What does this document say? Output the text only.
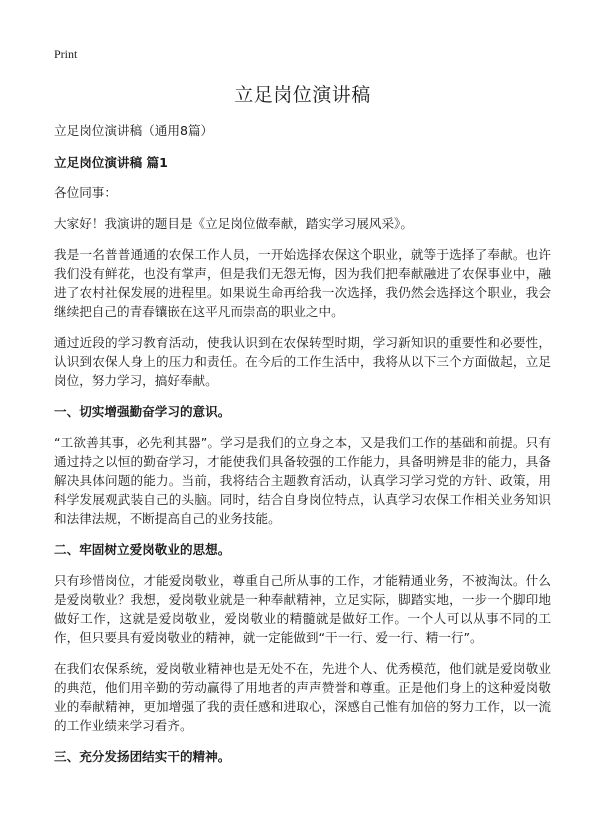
Print
立足岗位演讲稿

立足岗位演讲稿（通用8篇）

立足岗位演讲稿 篇1

各位同事：

大家好！我演讲的题目是《立足岗位做奉献，踏实学习展风采》。

我是一名普普通通的农保工作人员，一开始选择农保这个职业，就等于选择了奉献。也许我们没有鲜花，也没有掌声，但是我们无怨无悔，因为我们把奉献融进了农保事业中，融进了农村社保发展的进程里。如果说生命再给我一次选择，我仍然会选择这个职业，我会继续把自己的青春镶嵌在这平凡而崇高的职业之中。

通过近段的学习教育活动，使我认识到在农保转型时期，学习新知识的重要性和必要性，认识到农保人身上的压力和责任。在今后的工作生活中，我将从以下三个方面做起，立足岗位，努力学习，搞好奉献。

一、切实增强勤奋学习的意识。

“工欲善其事，必先利其器”。学习是我们的立身之本，又是我们工作的基础和前提。只有通过持之以恒的勤奋学习，才能使我们具备较强的工作能力，具备明辨是非的能力，具备解决具体问题的能力。当前，我将结合主题教育活动，认真学习学习党的方针、政策，用科学发展观武装自己的头脑。同时，结合自身岗位特点，认真学习农保工作相关业务知识和法律法规，不断提高自己的业务技能。

二、牢固树立爱岗敬业的思想。

只有珍惜岗位，才能爱岗敬业，尊重自己所从事的工作，才能精通业务，不被淘汰。什么是爱岗敬业？我想，爱岗敬业就是一种奉献精神，立足实际，脚踏实地，一步一个脚印地做好工作，这就是爱岗敬业，爱岗敬业的精髓就是做好工作。一个人可以从事不同的工作，但只要具有爱岗敬业的精神，就一定能做到“干一行、爱一行、精一行”。

在我们农保系统，爱岗敬业精神也是无处不在，先进个人、优秀模范，他们就是爱岗敬业的典范，他们用辛勤的劳动赢得了用地者的声声赞誉和尊重。正是他们身上的这种爱岗敬业的奉献精神，更加增强了我的责任感和进取心，深感自己惟有加倍的努力工作，以一流的工作业绩来学习看齐。

三、充分发扬团结实干的精神。
